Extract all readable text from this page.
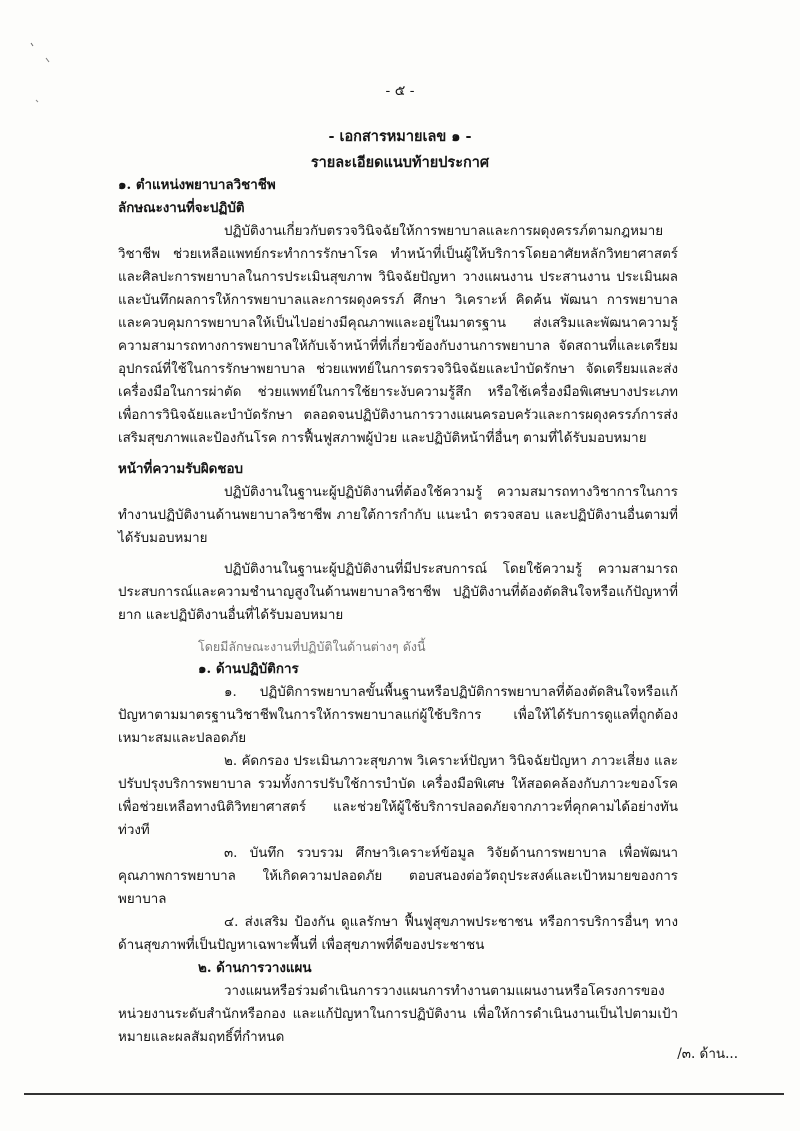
- ๕ -
- เอกสารหมายเลข ๑ -
รายละเอียดแนบท้ายประกาศ

๑. ตำแหน่งพยาบาลวิชาชีพ

ลักษณะงานที่จะปฏิบัติ

ปฏิบัติงานเกี่ยวกับตรวจวินิจฉัยให้การพยาบาลและการผดุงครรภ์ตามกฎหมายวิชาชีพ ช่วยเหลือแพทย์กระทำการรักษาโรค ทำหน้าที่เป็นผู้ให้บริการโดยอาศัยหลักวิทยาศาสตร์และศิลปะการพยาบาลในการประเมินสุขภาพ วินิจฉัยปัญหา วางแผนงาน ประสานงาน ประเมินผล และบันทึกผลการให้การพยาบาลและการผดุงครรภ์ ศึกษา วิเคราะห์ คิดค้น พัฒนา การพยาบาลและควบคุมการพยาบาลให้เป็นไปอย่างมีคุณภาพและอยู่ในมาตรฐาน ส่งเสริมและพัฒนาความรู้ความสามารถทางการพยาบาลให้กับเจ้าหน้าที่ที่เกี่ยวข้องกับงานการพยาบาล จัดสถานที่และเตรียมอุปกรณ์ที่ใช้ในการรักษาพยาบาล ช่วยแพทย์ในการตรวจวินิจฉัยและบำบัดรักษา จัดเตรียมและส่งเครื่องมือในการผ่าตัด ช่วยแพทย์ในการใช้ยาระงับความรู้สึก หรือใช้เครื่องมือพิเศษบางประเภท เพื่อการวินิจฉัยและบำบัดรักษา ตลอดจนปฏิบัติงานการวางแผนครอบครัวและการผดุงครรภ์การส่งเสริมสุขภาพและป้องกันโรค การฟื้นฟูสภาพผู้ป่วย และปฏิบัติหน้าที่อื่นๆ ตามที่ได้รับมอบหมาย

หน้าที่ความรับผิดชอบ

ปฏิบัติงานในฐานะผู้ปฏิบัติงานที่ต้องใช้ความรู้ ความสมารถทางวิชาการในการทำงานปฏิบัติงานด้านพยาบาลวิชาชีพ ภายใต้การกำกับ แนะนำ ตรวจสอบ และปฏิบัติงานอื่นตามที่ได้รับมอบหมาย

ปฏิบัติงานในฐานะผู้ปฏิบัติงานที่มีประสบการณ์ โดยใช้ความรู้ ความสามารถ ประสบการณ์และความชำนาญสูงในด้านพยาบาลวิชาชีพ ปฏิบัติงานที่ต้องตัดสินใจหรือแก้ปัญหาที่ยาก และปฏิบัติงานอื่นที่ได้รับมอบหมาย

โดยมีลักษณะงานที่ปฏิบัติในด้านต่างๆ ดังนี้

๑. ด้านปฏิบัติการ

๑. ปฏิบัติการพยาบาลขั้นพื้นฐานหรือปฏิบัติการพยาบาลที่ต้องตัดสินใจหรือแก้ปัญหาตามมาตรฐานวิชาชีพในการให้การพยาบาลแก่ผู้ใช้บริการ เพื่อให้ได้รับการดูแลที่ถูกต้องเหมาะสมและปลอดภัย

๒. คัดกรอง ประเมินภาวะสุขภาพ วิเคราะห์ปัญหา วินิจฉัยปัญหา ภาวะเสี่ยง และปรับปรุงบริการพยาบาล รวมทั้งการปรับใช้การบำบัด เครื่องมือพิเศษ ให้สอดคล้องกับภาวะของโรค เพื่อช่วยเหลือทางนิติวิทยาศาสตร์ และช่วยให้ผู้ใช้บริการปลอดภัยจากภาวะที่คุกคามได้อย่างทันท่วงที

๓. บันทึก รวบรวม ศึกษาวิเคราะห์ข้อมูล วิจัยด้านการพยาบาล เพื่อพัฒนาคุณภาพการพยาบาล ให้เกิดความปลอดภัย ตอบสนองต่อวัตถุประสงค์และเป้าหมายของการพยาบาล

๔. ส่งเสริม ป้องกัน ดูแลรักษา ฟื้นฟูสุขภาพประชาชน หรือการบริการอื่นๆ ทางด้านสุขภาพที่เป็นปัญหาเฉพาะพื้นที่ เพื่อสุขภาพที่ดีของประชาชน

๒. ด้านการวางแผน

วางแผนหรือร่วมดำเนินการวางแผนการทำงานตามแผนงานหรือโครงการของหน่วยงานระดับสำนักหรือกอง และแก้ปัญหาในการปฏิบัติงาน เพื่อให้การดำเนินงานเป็นไปตามเป้าหมายและผลสัมฤทธิ์ที่กำหนด

/๓. ด้าน...
